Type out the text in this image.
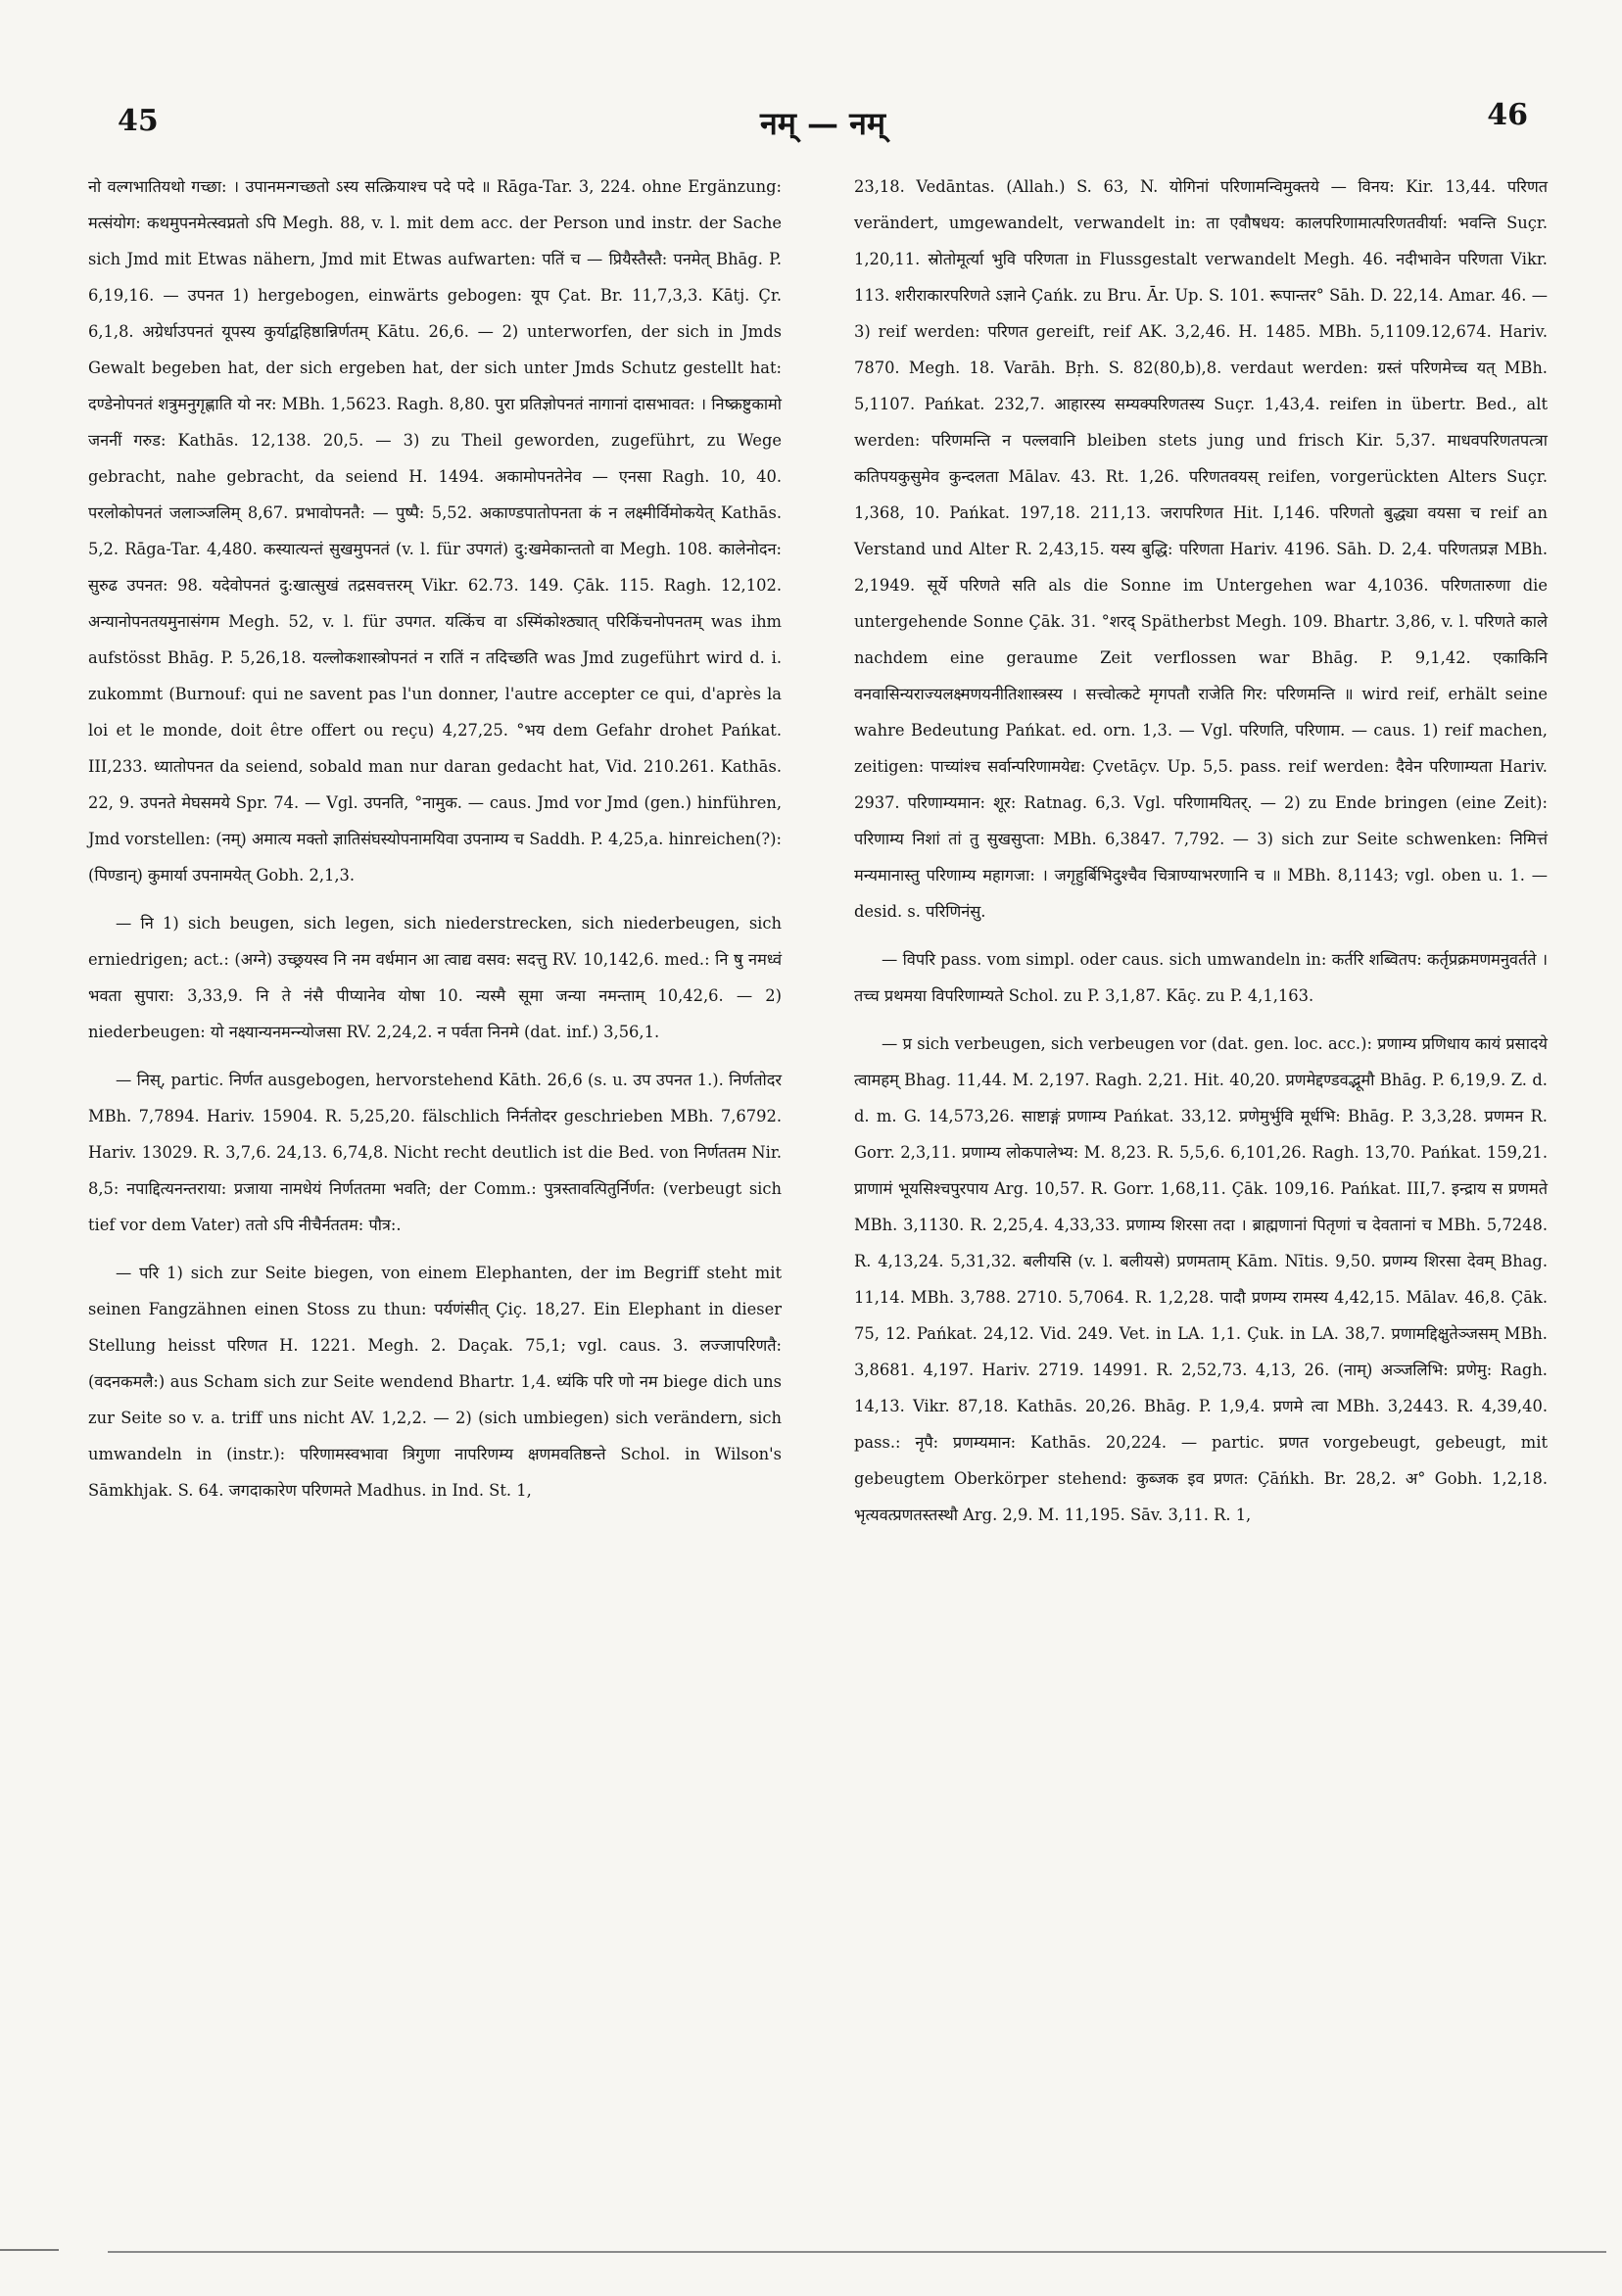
45	नम् — नम्	46

नो वल्गभातियथो गच्छा: । उपानमन्गच्छतो ऽस्य सत्क्रियाश्च पदे पदे ॥ Rāga-Tar. 3, 224. ohne Ergänzung: मत्संयोग: कथमुपनमेत्स्वप्नतो ऽपि Megh. 88, v. l. mit dem acc. der Person und instr. der Sache sich Jmd mit Etwas nähern, Jmd mit Etwas aufwarten: पतिं च — प्रियैस्तैस्तै: पनमेत् Bhāg. P. 6,19,16. — उपनत 1) hergebogen, einwärts gebogen: यूप Çat. Br. 11,7,3,3. Kātj. Çr. 6,1,8. अग्रेर्धाउपनतं यूपस्य कुर्याद्वहिष्ठान्निर्णतम् Kātu. 26,6. — 2) unterworfen, der sich in Jmds Gewalt begeben hat, der sich ergeben hat, der sich unter Jmds Schutz gestellt hat: दण्डेनोपनतं शत्रुमनुगृह्णाति यो नर: MBh. 1,5623. Ragh. 8,80. पुरा प्रतिज्ञोपनतं नागानां दासभावत: । निष्क्रष्टुकामो जननीं गरुड: Kathās. 12,138. 20,5. — 3) zu Theil geworden, zugeführt, zu Wege gebracht, nahe gebracht, da seiend H. 1494. अकामोपनतेनेव — एनसा Ragh. 10, 40. परलोकोपनतं जलाञ्जलिम् 8,67. प्रभावोपनतै: — पुष्पै: 5,52. अकाण्डपातोपनता कं न लक्ष्मीर्विमोकयेत् Kathās. 5,2. Rāga-Tar. 4,480. कस्यात्यन्तं सुखमुपनतं (v. l. für उपगतं) दु:खमेकान्ततो वा Megh. 108. कालेनोदन: सुरुढ उपनत: 98. यदेवोपनतं दु:खात्सुखं तद्रसवत्तरम् Vikr. 62.73. 149. Çāk. 115. Ragh. 12,102. अन्यानोपनतयमुनासंगम Megh. 52, v. l. für उपगत. यत्किंच वा ऽस्मिंकोश्ठ्यात् परिकिंचनोपनतम् was ihm aufstösst Bhāg. P. 5,26,18. यल्लोकशास्त्रोपनतं न रातिं न तदिच्छति was Jmd zugeführt wird d. i. zukommt (Burnouf: qui ne savent pas l'un donner, l'autre accepter ce qui, d'après la loi et le monde, doit être offert ou reçu) 4,27,25. °भय dem Gefahr drohet Pańkat. III,233. ध्यातोपनत da seiend, sobald man nur daran gedacht hat, Vid. 210.261. Kathās. 22, 9. उपनते मेघसमये Spr. 74. — Vgl. उपनति, °नामुक. — caus. Jmd vor Jmd (gen.) hinführen, Jmd vorstellen: (नम्) अमात्य मक्तो ज्ञातिसंघस्योपनामयिवा उपनाम्य च Saddh. P. 4,25,a. hinreichen(?): (पिण्डान्) कुमार्या उपनामयेत् Gobh. 2,1,3.

— नि 1) sich beugen, sich legen, sich niederstrecken, sich niederbeugen, sich erniedrigen; act.: (अग्ने) उच्छ्रयस्व नि नम वर्धमान आ त्वाद्य वसव: सदत्तु RV. 10,142,6. med.: नि षु नमध्वं भवता सुपारा: 3,33,9. नि ते नंसै पीप्यानेव योषा 10. न्यस्मै सूमा जन्या नमन्ताम् 10,42,6. — 2) niederbeugen: यो नक्ष्यान्यनमन्न्योजसा RV. 2,24,2. न पर्वता निनमे (dat. inf.) 3,56,1.

— निस्, partic. निर्णत ausgebogen, hervorstehend Kāth. 26,6 (s. u. उप उपनत 1.). निर्णतोदर MBh. 7,7894. Hariv. 15904. R. 5,25,20. fälschlich निर्नतोदर geschrieben MBh. 7,6792. Hariv. 13029. R. 3,7,6. 24,13. 6,74,8. Nicht recht deutlich ist die Bed. von निर्णततम Nir. 8,5: नपाद्दित्यनन्तराया: प्रजाया नामधेयं निर्णततमा भवति; der Comm.: पुत्रस्तावत्पितुर्निर्णत: (verbeugt sich tief vor dem Vater) ततो ऽपि नीचैर्नततम: पौत्र:.

— परि 1) sich zur Seite biegen, von einem Elephanten, der im Begriff steht mit seinen Fangzähnen einen Stoss zu thun: पर्यणंसीत् Çiç. 18,27. Ein Elephant in dieser Stellung heisst परिणत H. 1221. Megh. 2. Daçak. 75,1; vgl. caus. 3. लज्जापरिणतै: (वदनकमलै:) aus Scham sich zur Seite wendend Bhartr. 1,4. ध्यंकि परि णो नम biege dich uns zur Seite so v. a. triff uns nicht AV. 1,2,2. — 2) (sich umbiegen) sich verändern, sich umwandeln in (instr.): परिणामस्वभावा त्रिगुणा नापरिणम्य क्षणमवतिष्ठन्ते Schol. in Wilson's Sāmkhjak. S. 64. जगदाकारेण परिणमते Madhus. in Ind. St. 1,

23,18. Vedāntas. (Allah.) S. 63, N. योगिनां परिणामन्विमुक्तये — विनय: Kir. 13,44. परिणत verändert, umgewandelt, verwandelt in: ता एवौषधय: कालपरिणामात्परिणतवीर्या: भवन्ति Suçr. 1,20,11. स्रोतोमूर्त्या भुवि परिणता in Flussgestalt verwandelt Megh. 46. नदीभावेन परिणता Vikr. 113. शरीराकारपरिणते ऽज्ञाने Çańk. zu Bru. Ār. Up. S. 101. रूपान्तर° Sāh. D. 22,14. Amar. 46. — 3) reif werden: परिणत gereift, reif AK. 3,2,46. H. 1485. MBh. 5,1109.12,674. Hariv. 7870. Megh. 18. Varāh. Bṛh. S. 82(80,b),8. verdaut werden: ग्रस्तं परिणमेच्च यत् MBh. 5,1107. Pańkat. 232,7. आहारस्य सम्यक्परिणतस्य Suçr. 1,43,4. reifen in übertr. Bed., alt werden: परिणमन्ति न पल्लवानि bleiben stets jung und frisch Kir. 5,37. माधवपरिणतपत्त्रा कतिपयकुसुमेव कुन्दलता Mālav. 43. Rt. 1,26. परिणतवयस् reifen, vorgerückten Alters Suçr. 1,368, 10. Pańkat. 197,18. 211,13. जरापरिणत Hit. I,146. परिणतो बुद्ध्या वयसा च reif an Verstand und Alter R. 2,43,15. यस्य बुद्धि: परिणता Hariv. 4196. Sāh. D. 2,4. परिणतप्रज्ञ MBh. 2,1949. सूर्ये परिणते सति als die Sonne im Untergehen war 4,1036. परिणतारुणा die untergehende Sonne Çāk. 31. °शरद् Spätherbst Megh. 109. Bhartr. 3,86, v. l. परिणते काले nachdem eine geraume Zeit verflossen war Bhāg. P. 9,1,42. एकाकिनि वनवासिन्यराज्यलक्ष्मणयनीतिशास्त्रस्य । सत्त्वोत्कटे मृगपतौ राजेति गिर: परिणमन्ति ॥ wird reif, erhält seine wahre Bedeutung Pańkat. ed. orn. 1,3. — Vgl. परिणति, परिणाम. — caus. 1) reif machen, zeitigen: पाच्यांश्च सर्वान्परिणामयेद्य: Çvetāçv. Up. 5,5. pass. reif werden: दैवेन परिणाम्यता Hariv. 2937. परिणाम्यमान: शूर: Ratnag. 6,3. Vgl. परिणामयितर्. — 2) zu Ende bringen (eine Zeit): परिणाम्य निशां तां तु सुखसुप्ता: MBh. 6,3847. 7,792. — 3) sich zur Seite schwenken: निमित्तं मन्यमानास्तु परिणाम्य महागजा: । जगृहुर्बिभिदुश्चैव चित्राण्याभरणानि च ॥ MBh. 8,1143; vgl. oben u. 1. — desid. s. परिणिनंसु.

— विपरि pass. vom simpl. oder caus. sich umwandeln in: कर्तरि शब्वितप: कर्तृप्रक्रमणमनुवर्तते । तच्च प्रथमया विपरिणाम्यते Schol. zu P. 3,1,87. Kāç. zu P. 4,1,163.

— प्र sich verbeugen, sich verbeugen vor (dat. gen. loc. acc.): प्रणाम्य प्रणिधाय कायं प्रसादये त्वामहम् Bhag. 11,44. M. 2,197. Ragh. 2,21. Hit. 40,20. प्रणमेद्दण्डवद्भूमौ Bhāg. P. 6,19,9. Z. d. d. m. G. 14,573,26. साष्टाङ्गं प्रणाम्य Pańkat. 33,12. प्रणेमुर्भुवि मूर्धभि: Bhāg. P. 3,3,28. प्रणमन R. Gorr. 2,3,11. प्रणाम्य लोकपालेभ्य: M. 8,23. R. 5,5,6. 6,101,26. Ragh. 13,70. Pańkat. 159,21. प्राणामं भूयसिश्चपुरपाय Arg. 10,57. R. Gorr. 1,68,11. Çāk. 109,16. Pańkat. III,7. इन्द्राय स प्रणमते MBh. 3,1130. R. 2,25,4. 4,33,33. प्रणाम्य शिरसा तदा । ब्राह्मणानां पितृणां च देवतानां च MBh. 5,7248. R. 4,13,24. 5,31,32. बलीयसि (v. l. बलीयसे) प्रणमताम् Kām. Nītis. 9,50. प्रणम्य शिरसा देवम् Bhag. 11,14. MBh. 3,788. 2710. 5,7064. R. 1,2,28. पादौ प्रणम्य रामस्य 4,42,15. Mālav. 46,8. Çāk. 75, 12. Pańkat. 24,12. Vid. 249. Vet. in LA. 1,1. Çuk. in LA. 38,7. प्रणामद्दिक्षुतेञ्जसम् MBh. 3,8681. 4,197. Hariv. 2719. 14991. R. 2,52,73. 4,13, 26. (नाम्) अञ्जलिभि: प्रणेमु: Ragh. 14,13. Vikr. 87,18. Kathās. 20,26. Bhāg. P. 1,9,4. प्रणमे त्वा MBh. 3,2443. R. 4,39,40. pass.: नृपै: प्रणम्यमान: Kathās. 20,224. — partic. प्रणत vorgebeugt, gebeugt, mit gebeugtem Oberkörper stehend: कुब्जक इव प्रणत: Çāńkh. Br. 28,2. अ° Gobh. 1,2,18. भृत्यवत्प्रणतस्तस्थौ Arg. 2,9. M. 11,195. Sāv. 3,11. R. 1,
